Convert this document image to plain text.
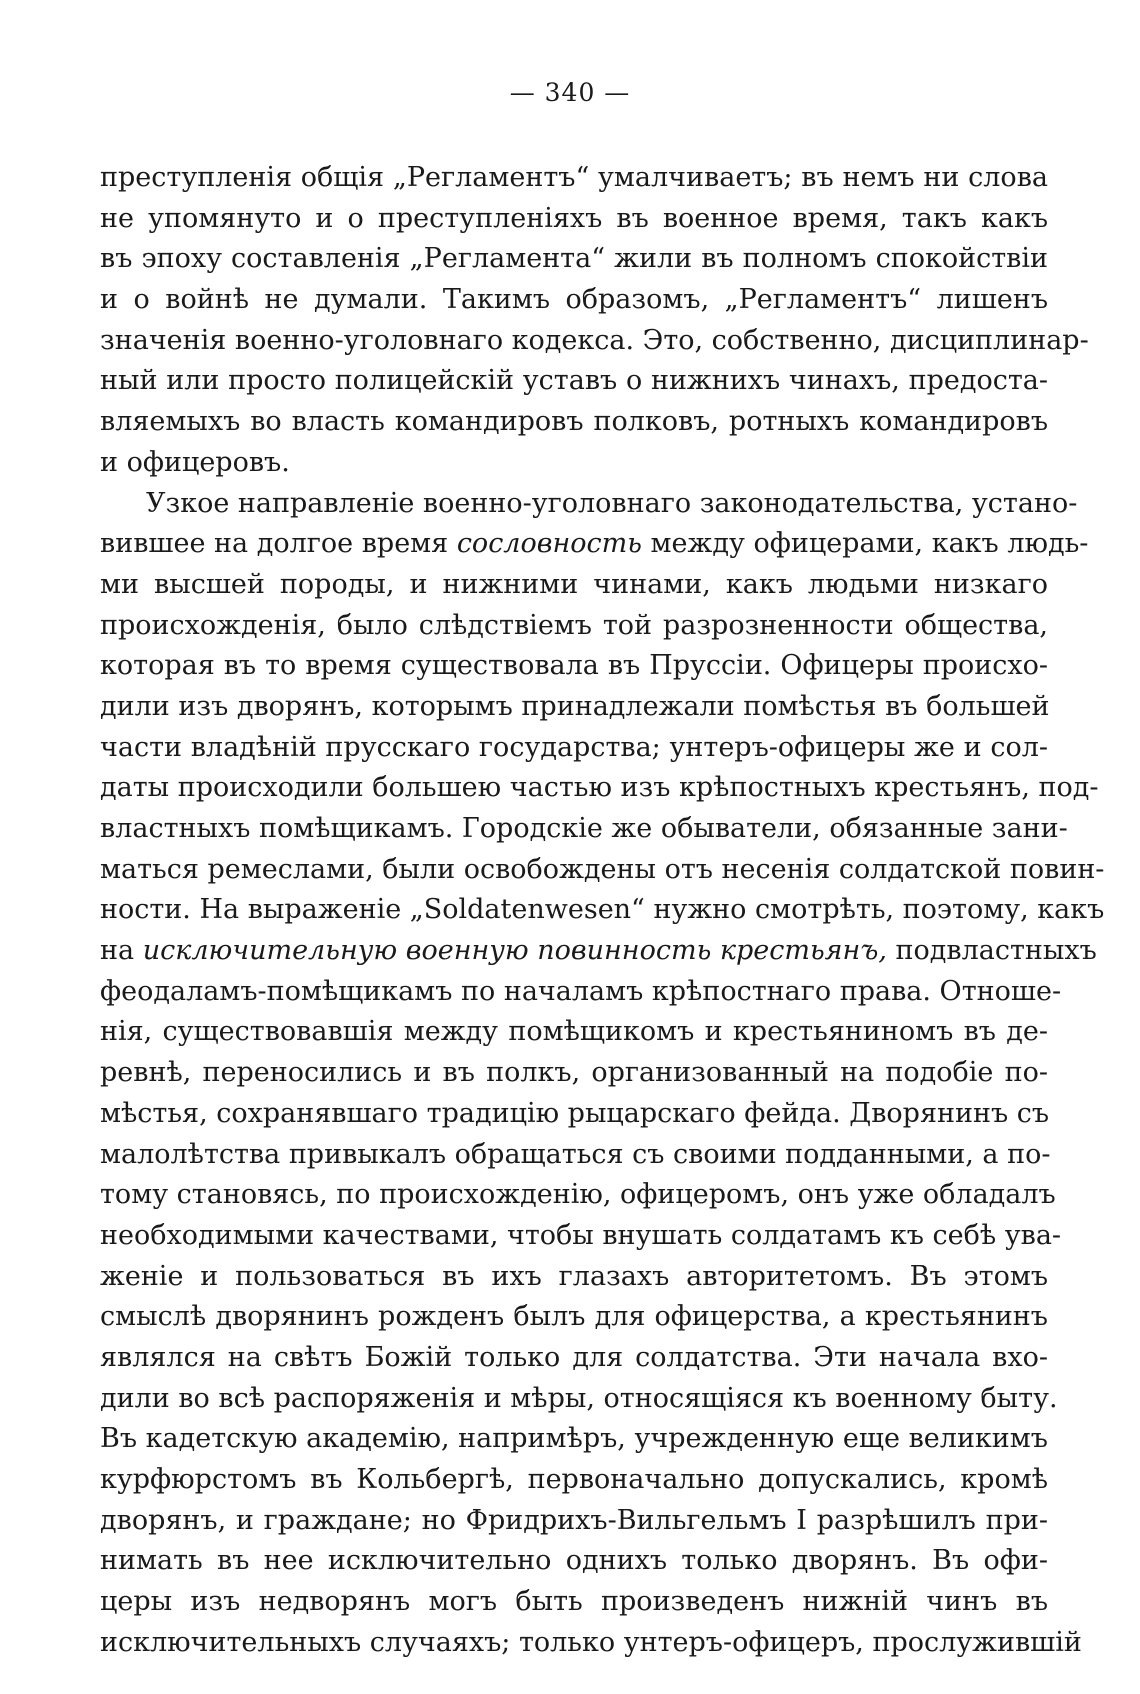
— 340 —
преступленія общія „Регламентъ“ умалчиваетъ; въ немъ ни слова
не упомянуто и о преступленіяхъ въ военное время, такъ какъ
въ эпоху составленія „Регламента“ жили въ полномъ спокойствіи
и о войнѣ не думали. Такимъ образомъ, „Регламентъ“ лишенъ
значенія военно-уголовнаго кодекса. Это, собственно, дисциплинар-
ный или просто полицейскій уставъ о нижнихъ чинахъ, предоста-
вляемыхъ во власть командировъ полковъ, ротныхъ командировъ
и офицеровъ.
Узкое направленіе военно-уголовнаго законодательства, устано-
вившее на долгое время сословность между офицерами, какъ людь-
ми высшей породы, и нижними чинами, какъ людьми низкаго
происхожденія, было слѣдствіемъ той разрозненности общества,
которая въ то время существовала въ Пруссіи. Офицеры происхо-
дили изъ дворянъ, которымъ принадлежали помѣстья въ большей
части владѣній прусскаго государства; унтеръ-офицеры же и сол-
даты происходили большею частью изъ крѣпостныхъ крестьянъ, под-
властныхъ помѣщикамъ. Городскіе же обыватели, обязанные зани-
маться ремеслами, были освобождены отъ несенія солдатской повин-
ности. На выраженіе „Soldatenwesen“ нужно смотрѣть, поэтому, какъ
на исключительную военную повинность крестьянъ, подвластныхъ
феодаламъ-помѣщикамъ по началамъ крѣпостнаго права. Отноше-
нія, существовавшія между помѣщикомъ и крестьяниномъ въ де-
ревнѣ, переносились и въ полкъ, организованный на подобіе по-
мѣстья, сохранявшаго традицію рыцарскаго фейда. Дворянинъ съ
малолѣтства привыкалъ обращаться съ своими подданными, а по-
тому становясь, по происхожденію, офицеромъ, онъ уже обладалъ
необходимыми качествами, чтобы внушать солдатамъ къ себѣ ува-
женіе и пользоваться въ ихъ глазахъ авторитетомъ. Въ этомъ
смыслѣ дворянинъ рожденъ былъ для офицерства, а крестьянинъ
являлся на свѣтъ Божій только для солдатства. Эти начала вхо-
дили во всѣ распоряженія и мѣры, относящіяся къ военному быту.
Въ кадетскую академію, напримѣръ, учрежденную еще великимъ
курфюрстомъ въ Кольбергѣ, первоначально допускались, кромѣ
дворянъ, и граждане; но Фридрихъ-Вильгельмъ I разрѣшилъ при-
нимать въ нее исключительно однихъ только дворянъ. Въ офи-
церы изъ недворянъ могъ быть произведенъ нижній чинъ въ
исключительныхъ случаяхъ; только унтеръ-офицеръ, прослужившій
